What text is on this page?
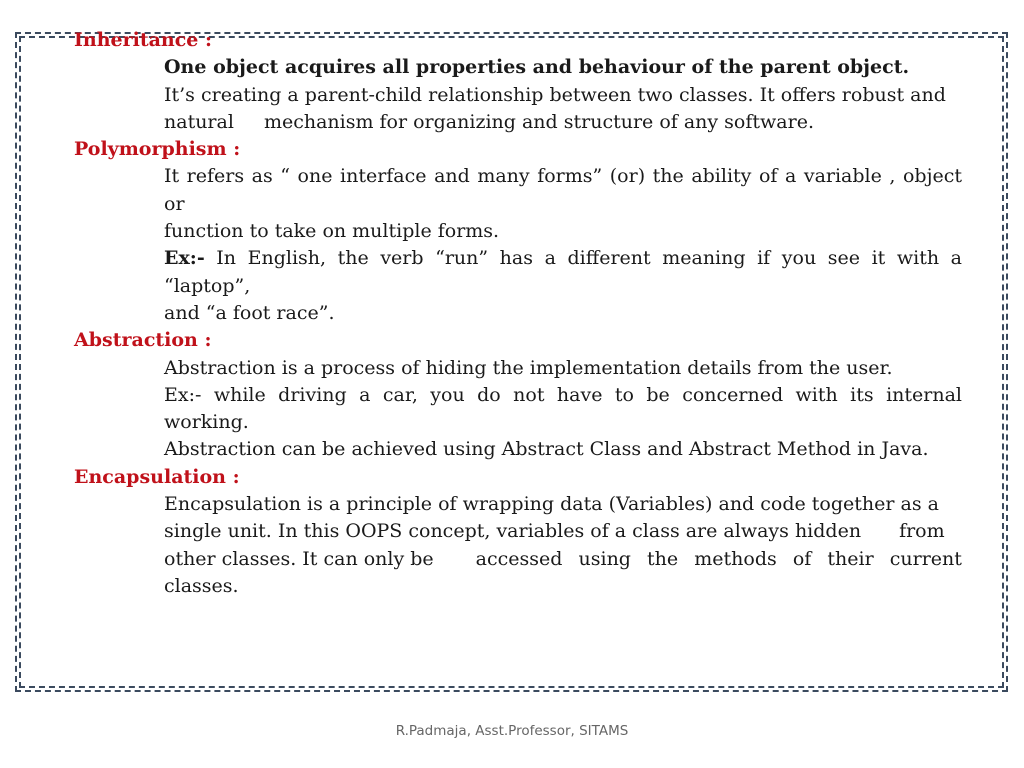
Inheritance :
One object acquires all properties and behaviour of the parent object.
It’s creating a parent-child relationship between two classes. It offers robust and
natural mechanism for organizing and structure of any software.
Polymorphism :
It refers as “ one interface and many forms” (or) the ability of a variable , object or
function to take on multiple forms.
Ex:- In English, the verb “run” has a different meaning if you see it with a “laptop”,
and “a foot race”.
Abstraction :
Abstraction is a process of hiding the implementation details from the user.
Ex:- while driving a car, you do not have to be concerned with its internal working.
Abstraction can be achieved using Abstract Class and Abstract Method in Java.
Encapsulation :
Encapsulation is a principle of wrapping data (Variables) and code together as a
single unit. In this OOPS concept, variables of a class are always hidden from
other classes. It can only be accessed using the methods of their current
classes.
R.Padmaja, Asst.Professor, SITAMS
